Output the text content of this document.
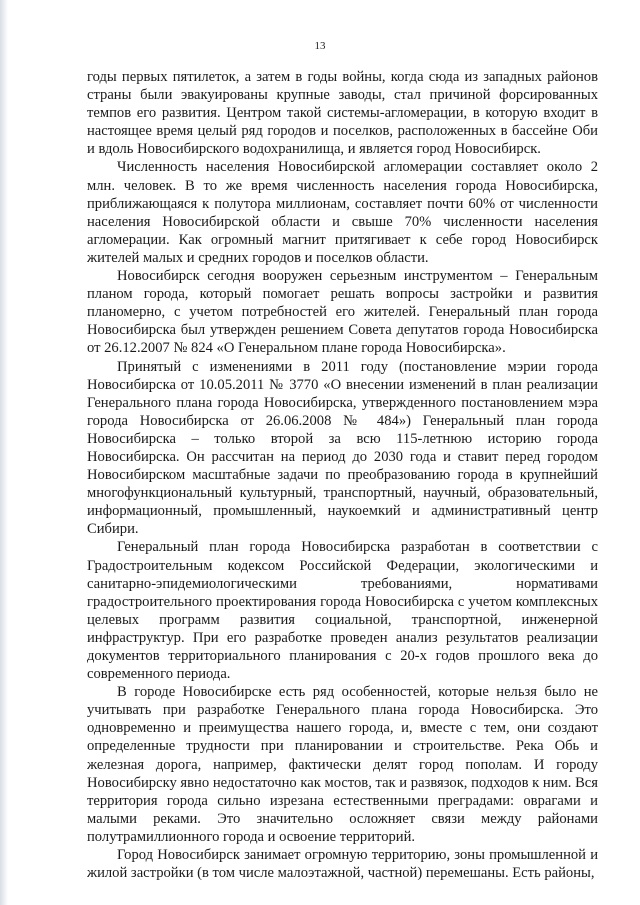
13

годы первых пятилеток, а затем в годы войны, когда сюда из западных районов страны были эвакуированы крупные заводы, стал причиной форсированных темпов его развития. Центром такой системы-агломерации, в которую входит в настоящее время целый ряд городов и поселков, расположенных в бассейне Оби и вдоль Новосибирского водохранилища, и является город Новосибирск.

Численность населения Новосибирской агломерации составляет около 2 млн. человек. В то же время численность населения города Новосибирска, приближающаяся к полутора миллионам, составляет почти 60% от численности населения Новосибирской области и свыше 70% численности населения агломерации. Как огромный магнит притягивает к себе город Новосибирск жителей малых и средних городов и поселков области.

Новосибирск сегодня вооружен серьезным инструментом – Генеральным планом города, который помогает решать вопросы застройки и развития планомерно, с учетом потребностей его жителей. Генеральный план города Новосибирска был утвержден решением Совета депутатов города Новосибирска от 26.12.2007 № 824 «О Генеральном плане города Новосибирска».

Принятый с изменениями в 2011 году (постановление мэрии города Новосибирска от 10.05.2011 № 3770 «О внесении изменений в план реализации Генерального плана города Новосибирска, утвержденного постановлением мэра города Новосибирска от 26.06.2008 № 484») Генеральный план города Новосибирска – только второй за всю 115-летнюю историю города Новосибирска. Он рассчитан на период до 2030 года и ставит перед городом Новосибирском масштабные задачи по преобразованию города в крупнейший многофункциональный культурный, транспортный, научный, образовательный, информационный, промышленный, наукоемкий и административный центр Сибири.

Генеральный план города Новосибирска разработан в соответствии с Градостроительным кодексом Российской Федерации, экологическими и санитарно-эпидемиологическими требованиями, нормативами градостроительного проектирования города Новосибирска с учетом комплексных целевых программ развития социальной, транспортной, инженерной инфраструктур. При его разработке проведен анализ результатов реализации документов территориального планирования с 20-х годов прошлого века до современного периода.

В городе Новосибирске есть ряд особенностей, которые нельзя было не учитывать при разработке Генерального плана города Новосибирска. Это одновременно и преимущества нашего города, и, вместе с тем, они создают определенные трудности при планировании и строительстве. Река Обь и железная дорога, например, фактически делят город пополам. И городу Новосибирску явно недостаточно как мостов, так и развязок, подходов к ним. Вся территория города сильно изрезана естественными преградами: оврагами и малыми реками. Это значительно осложняет связи между районами полутрамиллионного города и освоение территорий.

Город Новосибирск занимает огромную территорию, зоны промышленной и жилой застройки (в том числе малоэтажной, частной) перемешаны. Есть районы,
